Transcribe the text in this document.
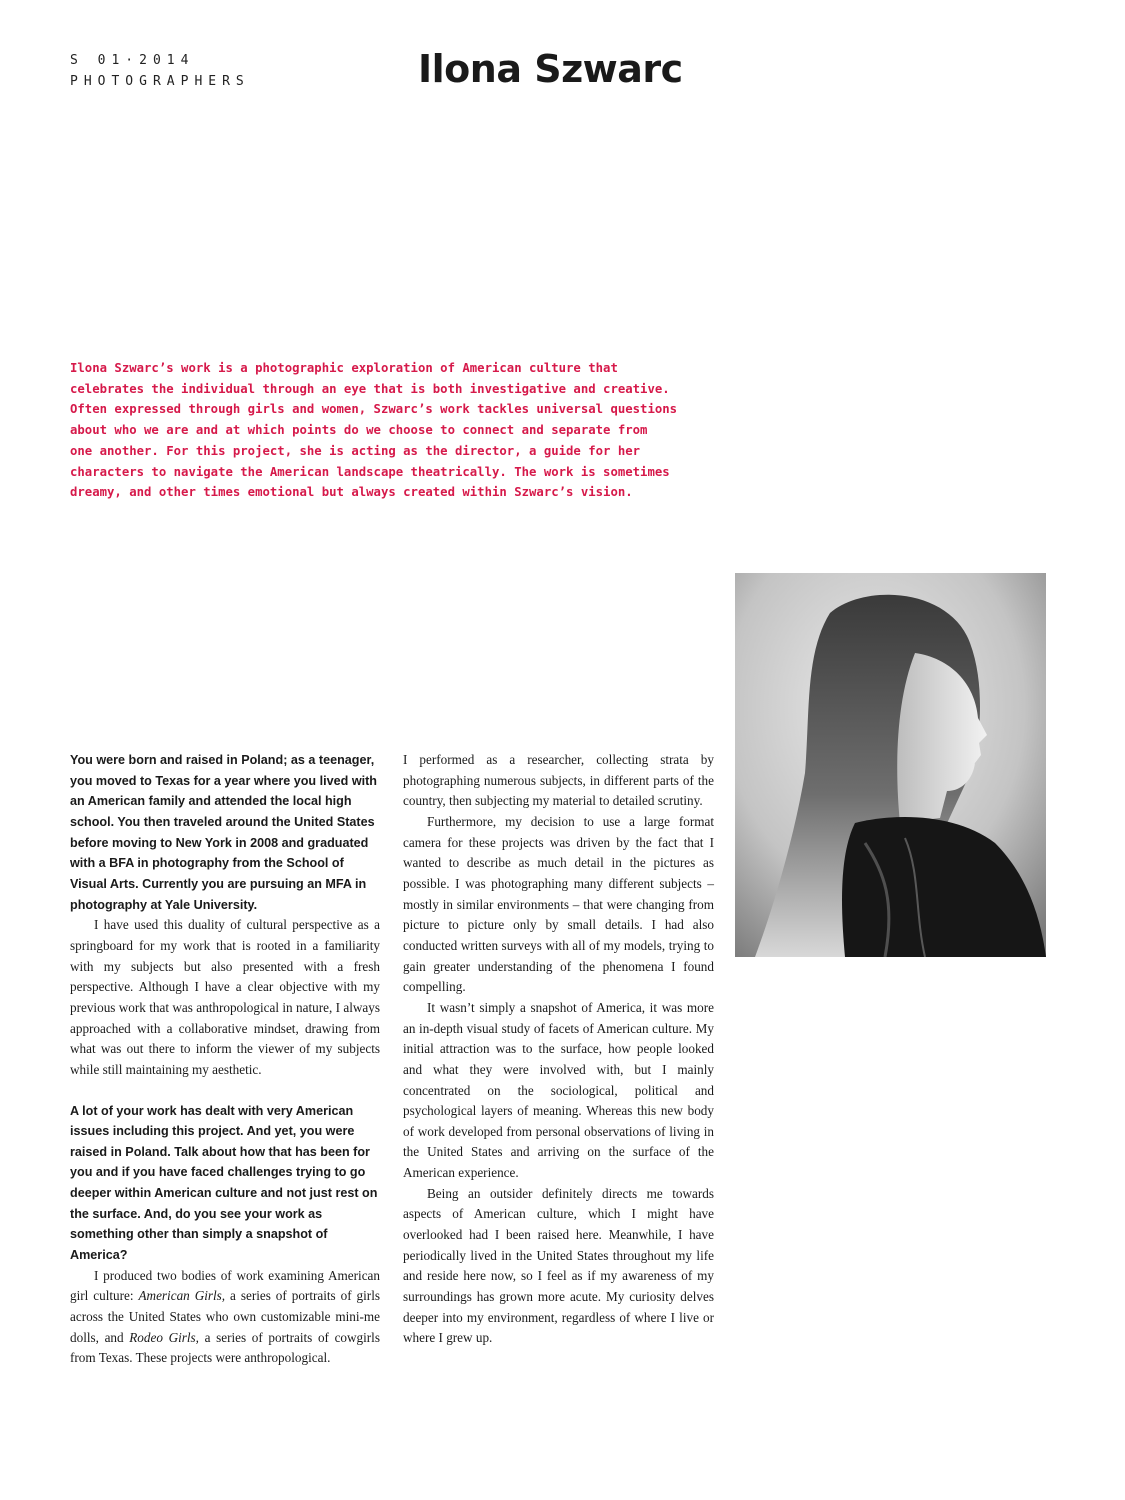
S 01·2014
PHOTOGRAPHERS	Ilona Szwarc
Ilona Szwarc’s work is a photographic exploration of American culture that
celebrates the individual through an eye that is both investigative and creative.
Often expressed through girls and women, Szwarc’s work tackles universal questions
about who we are and at which points do we choose to connect and separate from
one another. For this project, she is acting as the director, a guide for her
characters to navigate the American landscape theatrically. The work is sometimes
dreamy, and other times emotional but always created within Szwarc’s vision.

You were born and raised in Poland; as a teenager, you moved to Texas for a year where you lived with an American family and attended the local high school. You then traveled around the United States before moving to New York in 2008 and graduated with a BFA in photography from the School of Visual Arts. Currently you are pursuing an MFA in photography at Yale University.

I have used this duality of cultural perspective as a springboard for my work that is rooted in a familiarity with my subjects but also presented with a fresh perspective. Although I have a clear objective with my previous work that was anthropological in nature, I always approached with a collaborative mindset, drawing from what was out there to inform the viewer of my subjects while still maintaining my aesthetic.

A lot of your work has dealt with very American issues including this project. And yet, you were raised in Poland. Talk about how that has been for you and if you have faced challenges trying to go deeper within American culture and not just rest on the surface. And, do you see your work as something other than simply a snapshot of America?

I produced two bodies of work examining American girl culture: American Girls, a series of portraits of girls across the United States who own customizable mini-me dolls, and Rodeo Girls, a series of portraits of cowgirls from Texas. These projects were anthropological.

I performed as a researcher, collecting strata by photographing numerous subjects, in different parts of the country, then subjecting my material to detailed scrutiny.

Furthermore, my decision to use a large format camera for these projects was driven by the fact that I wanted to describe as much detail in the pictures as possible. I was photographing many different subjects – mostly in similar environments – that were changing from picture to picture only by small details. I had also conducted written surveys with all of my models, trying to gain greater understanding of the phenomena I found compelling.

It wasn’t simply a snapshot of America, it was more an in-depth visual study of facets of American culture. My initial attraction was to the surface, how people looked and what they were involved with, but I mainly concentrated on the sociological, political and psychological layers of meaning. Whereas this new body of work developed from personal observations of living in the United States and arriving on the surface of the American experience.

Being an outsider definitely directs me towards aspects of American culture, which I might have overlooked had I been raised here. Meanwhile, I have periodically lived in the United States throughout my life and reside here now, so I feel as if my awareness of my surroundings has grown more acute. My curiosity delves deeper into my environment, regardless of where I live or where I grew up.
